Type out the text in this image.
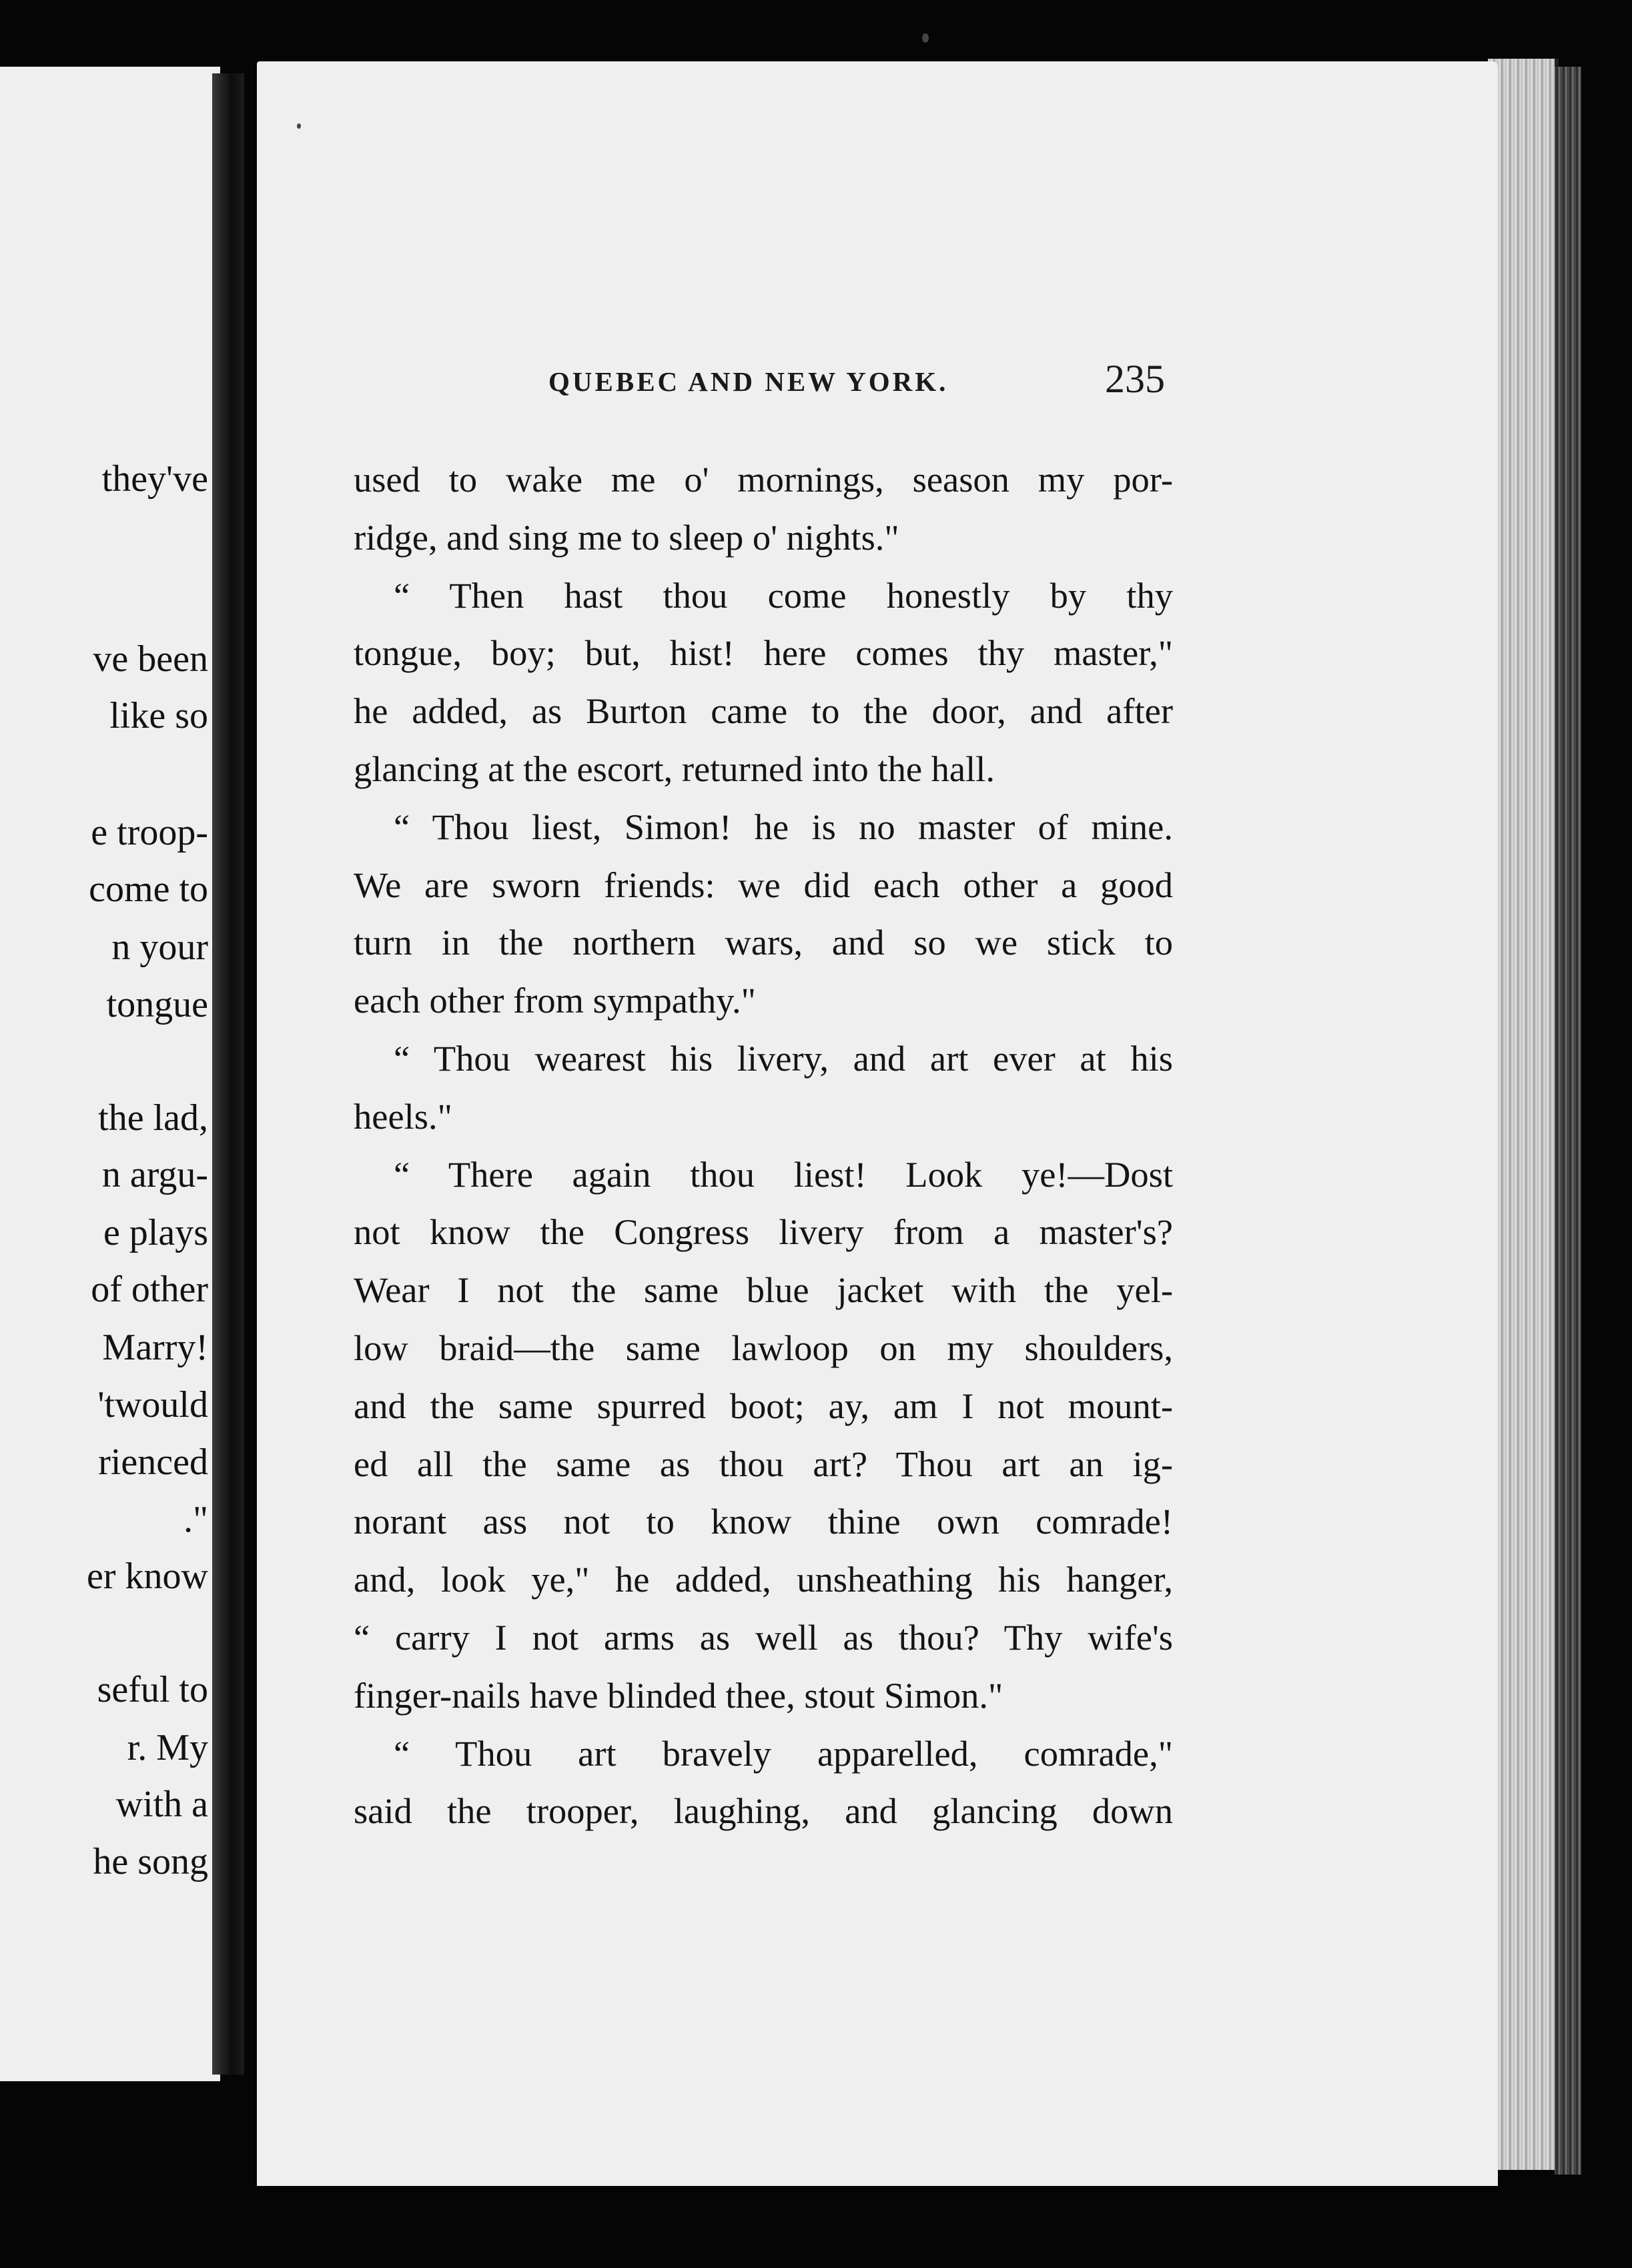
they've
ve been
like so
e troop-
come to
n your
tongue
the lad,
n argu-
e plays
of other
Marry!
'twould
rienced
."
er know
seful to
r. My
with a
he song
QUEBEC AND NEW YORK.	235
used to wake me o' mornings, season my por-
ridge, and sing me to sleep o' nights."
“ Then hast thou come honestly by thy
tongue, boy; but, hist! here comes thy master,"
he added, as Burton came to the door, and after
glancing at the escort, returned into the hall.
“ Thou liest, Simon! he is no master of mine.
We are sworn friends: we did each other a good
turn in the northern wars, and so we stick to
each other from sympathy."
“ Thou wearest his livery, and art ever at his
heels."
“ There again thou liest! Look ye!—Dost
not know the Congress livery from a master's?
Wear I not the same blue jacket with the yel-
low braid—the same lawloop on my shoulders,
and the same spurred boot; ay, am I not mount-
ed all the same as thou art? Thou art an ig-
norant ass not to know thine own comrade!
and, look ye," he added, unsheathing his hanger,
“ carry I not arms as well as thou? Thy wife's
finger-nails have blinded thee, stout Simon."
“ Thou art bravely apparelled, comrade,"
said the trooper, laughing, and glancing down
